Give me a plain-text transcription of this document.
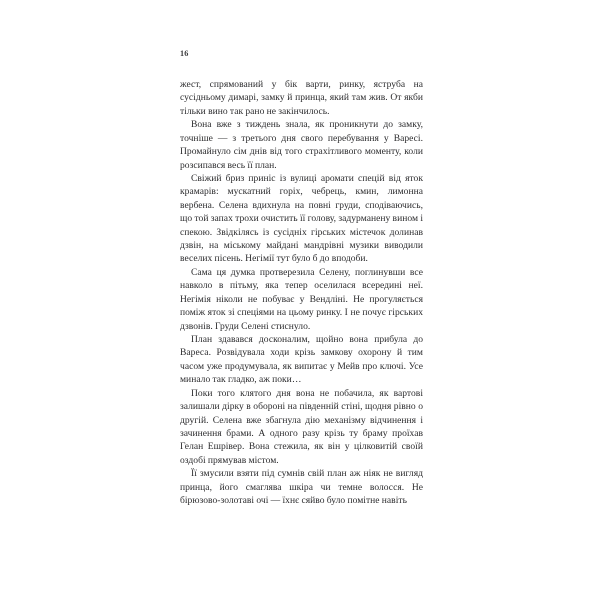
16

жест, спрямований у бік варти, ринку, яструба на сусідньому димарі, замку й принца, який там жив. От якби тільки вино так рано не закінчилось.

Вона вже з тиждень знала, як проникнути до замку, точніше — з третього дня свого перебування у Варесі. Промайнуло сім днів від того страхітливого моменту, коли розсипався весь її план.

Свіжий бриз приніс із вулиці аромати спецій від яток крамарів: мускатний горіх, чебрець, кмин, лимонна вербена. Селена вдихнула на повні груди, сподіваючись, що той запах трохи очистить її голову, задурманену вином і спекою. Звідкілясь із сусідніх гірських містечок долинав дзвін, на міському майдані мандрівні музики виводили веселих пісень. Негімії тут було б до вподоби.

Сама ця думка протверезила Селену, поглинувши все навколо в пітьму, яка тепер оселилася всередині неї. Негімія ніколи не побуває у Вендліні. Не прогуляється поміж яток зі спеціями на цьому ринку. І не почує гірських дзвонів. Груди Селені стиснуло.

План здавався досконалим, щойно вона прибула до Вареса. Розвідувала ходи крізь замкову охорону й тим часом уже продумувала, як випитає у Мейв про ключі. Усе минало так гладко, аж поки…

Поки того клятого дня вона не побачила, як вартові залишали дірку в обороні на південній стіні, щодня рівно о другій. Селена вже збагнула дію механізму відчинення і зачинення брами. А одного разу крізь ту браму проїхав Гелан Ешрівер. Вона стежила, як він у цілковитій своїй оздобі прямував містом.

Її змусили взяти під сумнів свій план аж ніяк не вигляд принца, його смаглява шкіра чи темне волосся. Не бірюзово-золотаві очі — їхнє сяйво було помітне навіть
